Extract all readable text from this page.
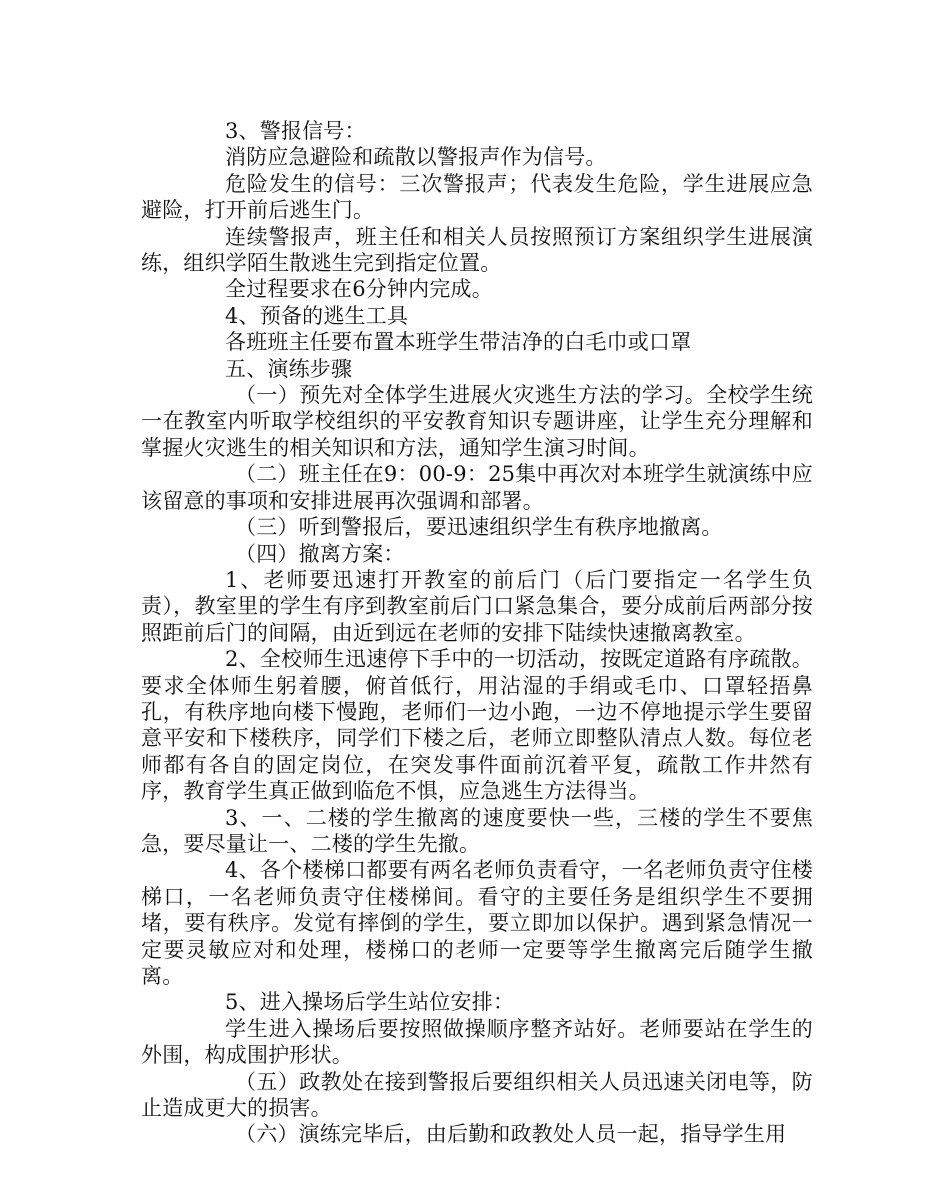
3、警报信号：

消防应急避险和疏散以警报声作为信号。

危险发生的信号：三次警报声；代表发生危险，学生进展应急避险，打开前后逃生门。

连续警报声，班主任和相关人员按照预订方案组织学生进展演练，组织学陌生散逃生完到指定位置。

全过程要求在6分钟内完成。

4、预备的逃生工具

各班班主任要布置本班学生带洁净的白毛巾或口罩

五、演练步骤

（一）预先对全体学生进展火灾逃生方法的学习。全校学生统一在教室内听取学校组织的平安教育知识专题讲座，让学生充分理解和掌握火灾逃生的相关知识和方法，通知学生演习时间。

（二）班主任在9：00-9：25集中再次对本班学生就演练中应该留意的事项和安排进展再次强调和部署。

（三）听到警报后，要迅速组织学生有秩序地撤离。

（四）撤离方案：

1、老师要迅速打开教室的前后门（后门要指定一名学生负责），教室里的学生有序到教室前后门口紧急集合，要分成前后两部分按照距前后门的间隔，由近到远在老师的安排下陆续快速撤离教室。

2、全校师生迅速停下手中的一切活动，按既定道路有序疏散。要求全体师生躬着腰，俯首低行，用沾湿的手绢或毛巾、口罩轻捂鼻孔，有秩序地向楼下慢跑，老师们一边小跑，一边不停地提示学生要留意平安和下楼秩序，同学们下楼之后，老师立即整队清点人数。每位老师都有各自的固定岗位，在突发事件面前沉着平复，疏散工作井然有序，教育学生真正做到临危不惧，应急逃生方法得当。

3、一、二楼的学生撤离的速度要快一些，三楼的学生不要焦急，要尽量让一、二楼的学生先撤。

4、各个楼梯口都要有两名老师负责看守，一名老师负责守住楼梯口，一名老师负责守住楼梯间。看守的主要任务是组织学生不要拥堵，要有秩序。发觉有摔倒的学生，要立即加以保护。遇到紧急情况一定要灵敏应对和处理，楼梯口的老师一定要等学生撤离完后随学生撤离。

5、进入操场后学生站位安排：

学生进入操场后要按照做操顺序整齐站好。老师要站在学生的外围，构成围护形状。

（五）政教处在接到警报后要组织相关人员迅速关闭电等，防止造成更大的损害。

（六）演练完毕后，由后勤和政教处人员一起，指导学生用
